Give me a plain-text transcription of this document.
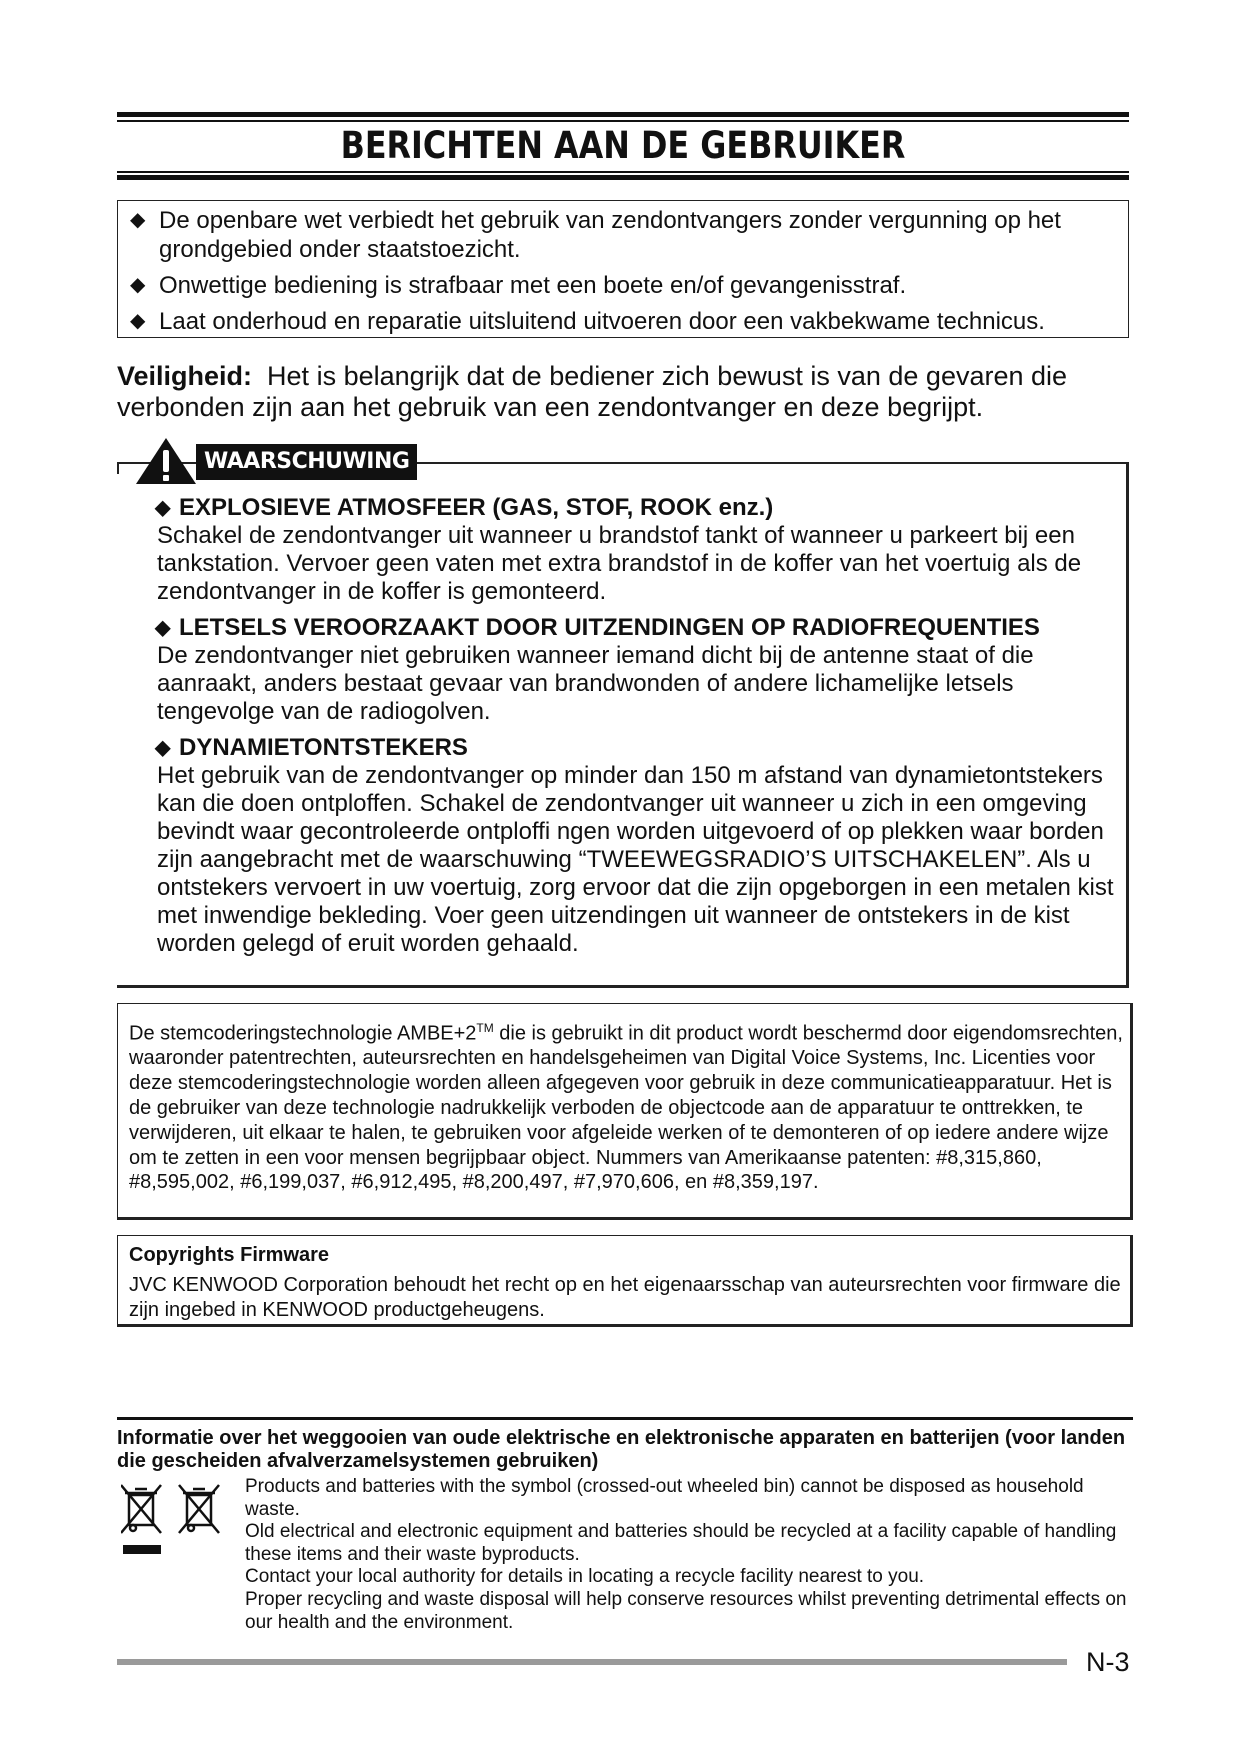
BERICHTEN AAN DE GEBRUIKER
◆ De openbare wet verbiedt het gebruik van zendontvangers zonder vergunning op het grondgebied onder staatstoezicht.
◆ Onwettige bediening is strafbaar met een boete en/of gevangenisstraf.
◆ Laat onderhoud en reparatie uitsluitend uitvoeren door een vakbekwame technicus.
Veiligheid: Het is belangrijk dat de bediener zich bewust is van de gevaren die verbonden zijn aan het gebruik van een zendontvanger en deze begrijpt.
WAARSCHUWING
◆ EXPLOSIEVE ATMOSFEER (GAS, STOF, ROOK enz.)
Schakel de zendontvanger uit wanneer u brandstof tankt of wanneer u parkeert bij een tankstation. Vervoer geen vaten met extra brandstof in de koffer van het voertuig als de zendontvanger in de koffer is gemonteerd.
◆ LETSELS VEROORZAAKT DOOR UITZENDINGEN OP RADIOFREQUENTIES
De zendontvanger niet gebruiken wanneer iemand dicht bij de antenne staat of die aanraakt, anders bestaat gevaar van brandwonden of andere lichamelijke letsels tengevolge van de radiogolven.
◆ DYNAMIETONTSTEKERS
Het gebruik van de zendontvanger op minder dan 150 m afstand van dynamietontstekers kan die doen ontploffen. Schakel de zendontvanger uit wanneer u zich in een omgeving bevindt waar gecontroleerde ontploffi ngen worden uitgevoerd of op plekken waar borden zijn aangebracht met de waarschuwing “TWEEWEGSRADIO’S UITSCHAKELEN”. Als u ontstekers vervoert in uw voertuig, zorg ervoor dat die zijn opgeborgen in een metalen kist met inwendige bekleding. Voer geen uitzendingen uit wanneer de ontstekers in de kist worden gelegd of eruit worden gehaald.
De stemcoderingstechnologie AMBE+2™ die is gebruikt in dit product wordt beschermd door eigendomsrechten, waaronder patentrechten, auteursrechten en handelsgeheimen van Digital Voice Systems, Inc. Licenties voor deze stemcoderingstechnologie worden alleen afgegeven voor gebruik in deze communicatieapparatuur. Het is de gebruiker van deze technologie nadrukkelijk verboden de objectcode aan de apparatuur te onttrekken, te verwijderen, uit elkaar te halen, te gebruiken voor afgeleide werken of te demonteren of op iedere andere wijze om te zetten in een voor mensen begrijpbaar object. Nummers van Amerikaanse patenten: #8,315,860, #8,595,002, #6,199,037, #6,912,495, #8,200,497, #7,970,606, en #8,359,197.
Copyrights Firmware
JVC KENWOOD Corporation behoudt het recht op en het eigenaarsschap van auteursrechten voor firmware die zijn ingebed in KENWOOD productgeheugens.
Informatie over het weggooien van oude elektrische en elektronische apparaten en batterijen (voor landen die gescheiden afvalverzamelsystemen gebruiken)
Products and batteries with the symbol (crossed-out wheeled bin) cannot be disposed as household waste.
Old electrical and electronic equipment and batteries should be recycled at a facility capable of handling these items and their waste byproducts.
Contact your local authority for details in locating a recycle facility nearest to you.
Proper recycling and waste disposal will help conserve resources whilst preventing detrimental effects on our health and the environment.
N-3
